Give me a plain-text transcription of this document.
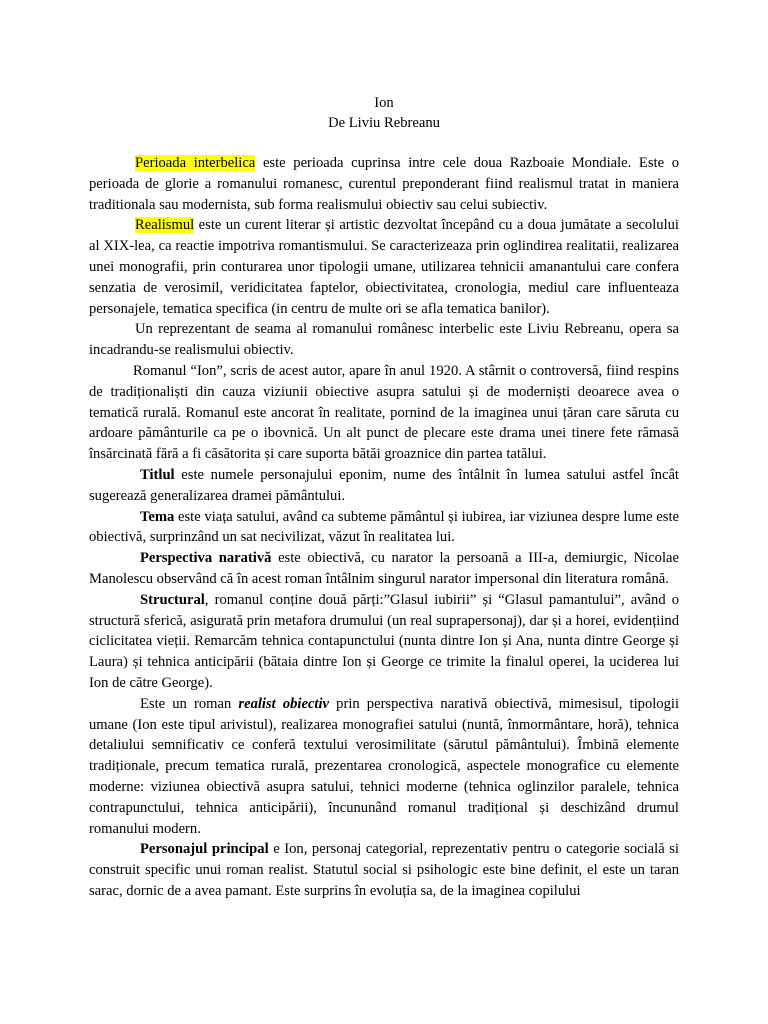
Ion
De Liviu Rebreanu

Perioada interbelica este perioada cuprinsa intre cele doua Razboaie Mondiale. Este o perioada de glorie a romanului romanesc, curentul preponderant fiind realismul tratat in maniera traditionala sau modernista, sub forma realismului obiectiv sau celui subiectiv.

Realismul este un curent literar și artistic dezvoltat începând cu a doua jumătate a secolului al XIX-lea, ca reactie impotriva romantismului. Se caracterizeaza prin oglindirea realitatii, realizarea unei monografii, prin conturarea unor tipologii umane, utilizarea tehnicii amanantului care confera senzatia de verosimil, veridicitatea faptelor, obiectivitatea, cronologia, mediul care influenteaza personajele, tematica specifica (in centru de multe ori se afla tematica banilor).

Un reprezentant de seama al romanului românesc interbelic este Liviu Rebreanu, opera sa incadrandu-se realismului obiectiv.

Romanul “Ion”, scris de acest autor, apare în anul 1920. A stârnit o controversă, fiind respins de tradiționaliști din cauza viziunii obiective asupra satului și de moderniști deoarece avea o tematică rurală. Romanul este ancorat în realitate, pornind de la imaginea unui țăran care săruta cu ardoare pământurile ca pe o ibovnică. Un alt punct de plecare este drama unei tinere fete rămasă însărcinată fără a fi căsătorita și care suporta bătăi groaznice din partea tatălui.

Titlul este numele personajului eponim, nume des întâlnit în lumea satului astfel încât sugerează generalizarea dramei pământului.

Tema este viața satului, având ca subteme pământul și iubirea, iar viziunea despre lume este obiectivă, surprinzând un sat necivilizat, văzut în realitatea lui.

Perspectiva narativă este obiectivă, cu narator la persoană a III-a, demiurgic, Nicolae Manolescu observând că în acest roman întâlnim singurul narator impersonal din literatura română.

Structural, romanul conține două părți:”Glasul iubirii” și “Glasul pamantului”, având o structură sferică, asigurată prin metafora drumului (un real suprapersonaj), dar și a horei, evidențiind ciclicitatea vieții. Remarcăm tehnica contapunctului (nunta dintre Ion și Ana, nunta dintre George și Laura) și tehnica anticipării (bătaia dintre Ion și George ce trimite la finalul operei, la uciderea lui Ion de către George).

Este un roman realist obiectiv prin perspectiva narativă obiectivă, mimesisul, tipologii umane (Ion este tipul arivistul), realizarea monografiei satului (nuntă, înmormântare, horă), tehnica detaliului semnificativ ce conferă textului verosimilitate (sărutul pământului). Îmbină elemente tradiționale, precum tematica rurală, prezentarea cronologică, aspectele monografice cu elemente moderne: viziunea obiectivă asupra satului, tehnici moderne (tehnica oglinzilor paralele, tehnica contrapunctului, tehnica anticipării), încununând romanul tradițional și deschizând drumul romanului modern.

Personajul principal e Ion, personaj categorial, reprezentativ pentru o categorie socială si construit specific unui roman realist. Statutul social si psihologic este bine definit, el este un taran sarac, dornic de a avea pamant. Este surprins în evoluția sa, de la imaginea copilului
